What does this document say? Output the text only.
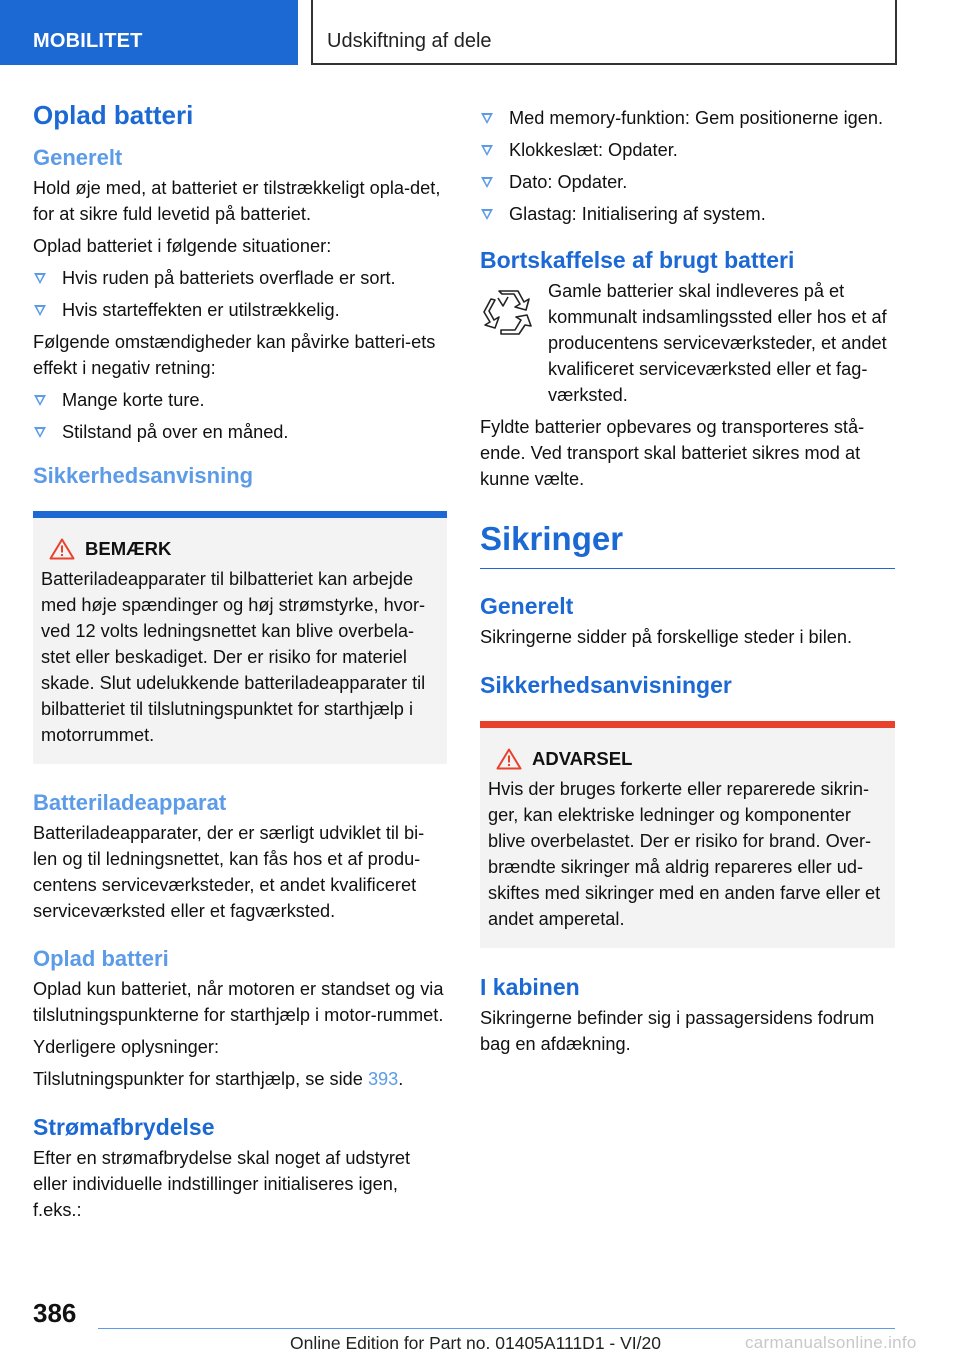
MOBILITET	Udskiftning af dele
Oplad batteri
Generelt

Hold øje med, at batteriet er tilstrækkeligt opla-det, for at sikre fuld levetid på batteriet.

Oplad batteriet i følgende situationer:

Hvis ruden på batteriets overflade er sort.
Hvis starteffekten er utilstrækkelig.

Følgende omstændigheder kan påvirke batteri-ets effekt i negativ retning:

Mange korte ture.
Stilstand på over en måned.
Sikkerhedsanvisning
BEMÆRK

Batteriladeapparater til bilbatteriet kan arbejde med høje spændinger og høj strømstyrke, hvor-ved 12 volts ledningsnettet kan blive overbela-stet eller beskadiget. Der er risiko for materiel skade. Slut udelukkende batteriladeapparater til bilbatteriet til tilslutningspunktet for starthjælp i motorrummet.

Batteriladeapparat

Batteriladeapparater, der er særligt udviklet til bi-len og til ledningsnettet, kan fås hos et af produ-centens serviceværksteder, et andet kvalificeret serviceværksted eller et fagværksted.

Oplad batteri

Oplad kun batteriet, når motoren er standset og via tilslutningspunkterne for starthjælp i motor-rummet.

Yderligere oplysninger:

Tilslutningspunkter for starthjælp, se side 393.

Strømafbrydelse

Efter en strømafbrydelse skal noget af udstyret eller individuelle indstillinger initialiseres igen, f.eks.:

Med memory-funktion: Gem positionerne igen.
Klokkeslæt: Opdater.
Dato: Opdater.
Glastag: Initialisering af system.
Bortskaffelse af brugt batteri

Gamle batterier skal indleveres på et kommunalt indsamlingssted eller hos et af producentens serviceværksteder, et andet kvalificeret serviceværksted eller et fag-værksted.

Fyldte batterier opbevares og transporteres stå-ende. Ved transport skal batteriet sikres mod at kunne vælte.

Sikringer
Generelt

Sikringerne sidder på forskellige steder i bilen.

Sikkerhedsanvisninger
ADVARSEL

Hvis der bruges forkerte eller reparerede sikrin-ger, kan elektriske ledninger og komponenter blive overbelastet. Der er risiko for brand. Over-brændte sikringer må aldrig repareres eller ud-skiftes med sikringer med en anden farve eller et andet amperetal.

I kabinen

Sikringerne befinder sig i passagersidens fodrum bag en afdækning.

386
Online Edition for Part no. 01405A111D1 - VI/20	carmanualsonline.info
